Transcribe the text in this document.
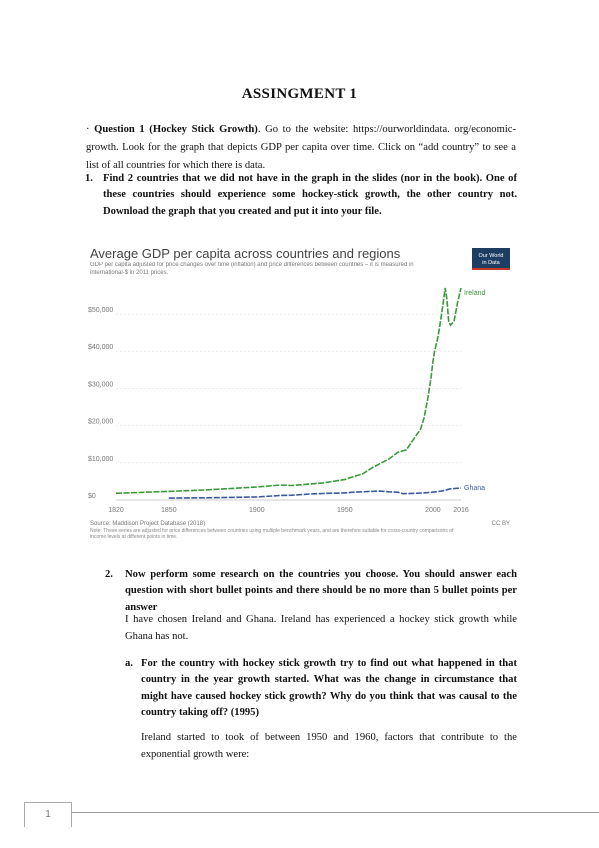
ASSINGMENT 1
· Question 1 (Hockey Stick Growth). Go to the website: https://ourworldindata. org/economic-growth. Look for the graph that depicts GDP per capita over time. Click on “add country” to see a list of all countries for which there is data.
1. Find 2 countries that we did not have in the graph in the slides (nor in the book). One of these countries should experience some hockey-stick growth, the other country not. Download the graph that you created and put it into your file.
Average GDP per capita across countries and regions
GDP per capita adjusted for price changes over time (inflation) and price differences between countries – it is measured in international-$ in 2011 prices.
Our World
in Data
$0
$10,000
$20,000
$30,000
$40,000
$50,000
1820	1850	1900	1950	2000 2016
Ireland
Ghana
Source: Maddison Project Database (2018)	CC BY
Note: These series are adjusted for price differences between countries using multiple benchmark years, and are therefore suitable for cross-country comparisons of income levels at different points in time.
2. Now perform some research on the countries you choose. You should answer each question with short bullet points and there should be no more than 5 bullet points per answer
I have chosen Ireland and Ghana. Ireland has experienced a hockey stick growth while Ghana has not.
a. For the country with hockey stick growth try to find out what happened in that country in the year growth started. What was the change in circumstance that might have caused hockey stick growth? Why do you think that was causal to the country taking off? (1995)
Ireland started to took of between 1950 and 1960, factors that contribute to the exponential growth were:
1
